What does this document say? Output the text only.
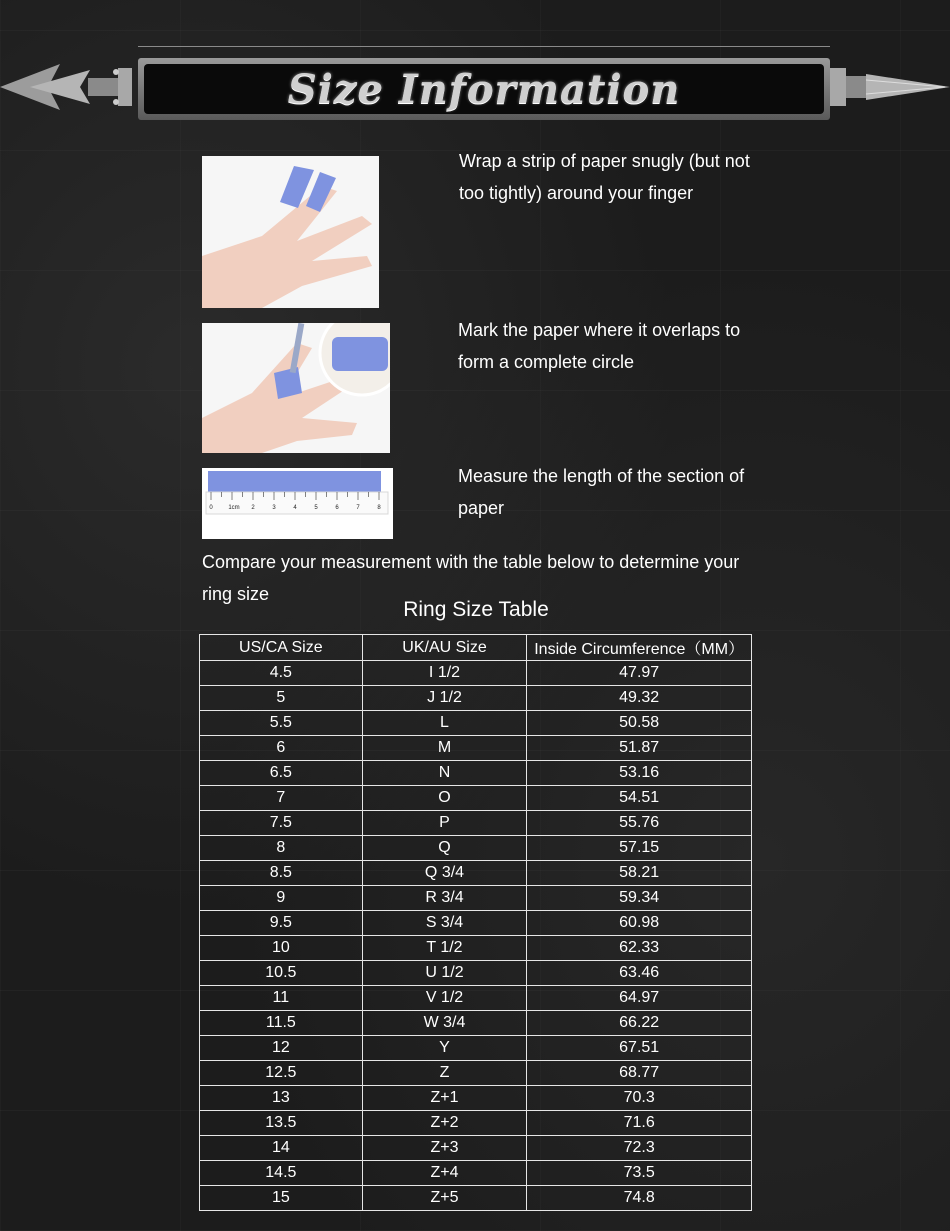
Size Information
Wrap a strip of paper snugly (but not too tightly) around your finger
Mark the paper where it overlaps to form a complete circle
0	1cm 2	3	4	5	6	7	8
Measure the length of the section of paper
Compare your measurement with the table below to determine your ring size
Ring Size Table
US/CA Size	UK/AU Size	Inside Circumference（MM）
4.5	I 1/2	47.97
5	J 1/2	49.32
5.5	L	50.58
6	M	51.87
6.5	N	53.16
7	O	54.51
7.5	P	55.76
8	Q	57.15
8.5	Q 3/4	58.21
9	R 3/4	59.34
9.5	S 3/4	60.98
10	T 1/2	62.33
10.5	U 1/2	63.46
11	V 1/2	64.97
11.5	W 3/4	66.22
12	Y	67.51
12.5	Z	68.77
13	Z+1	70.3
13.5	Z+2	71.6
14	Z+3	72.3
14.5	Z+4	73.5
15	Z+5	74.8
